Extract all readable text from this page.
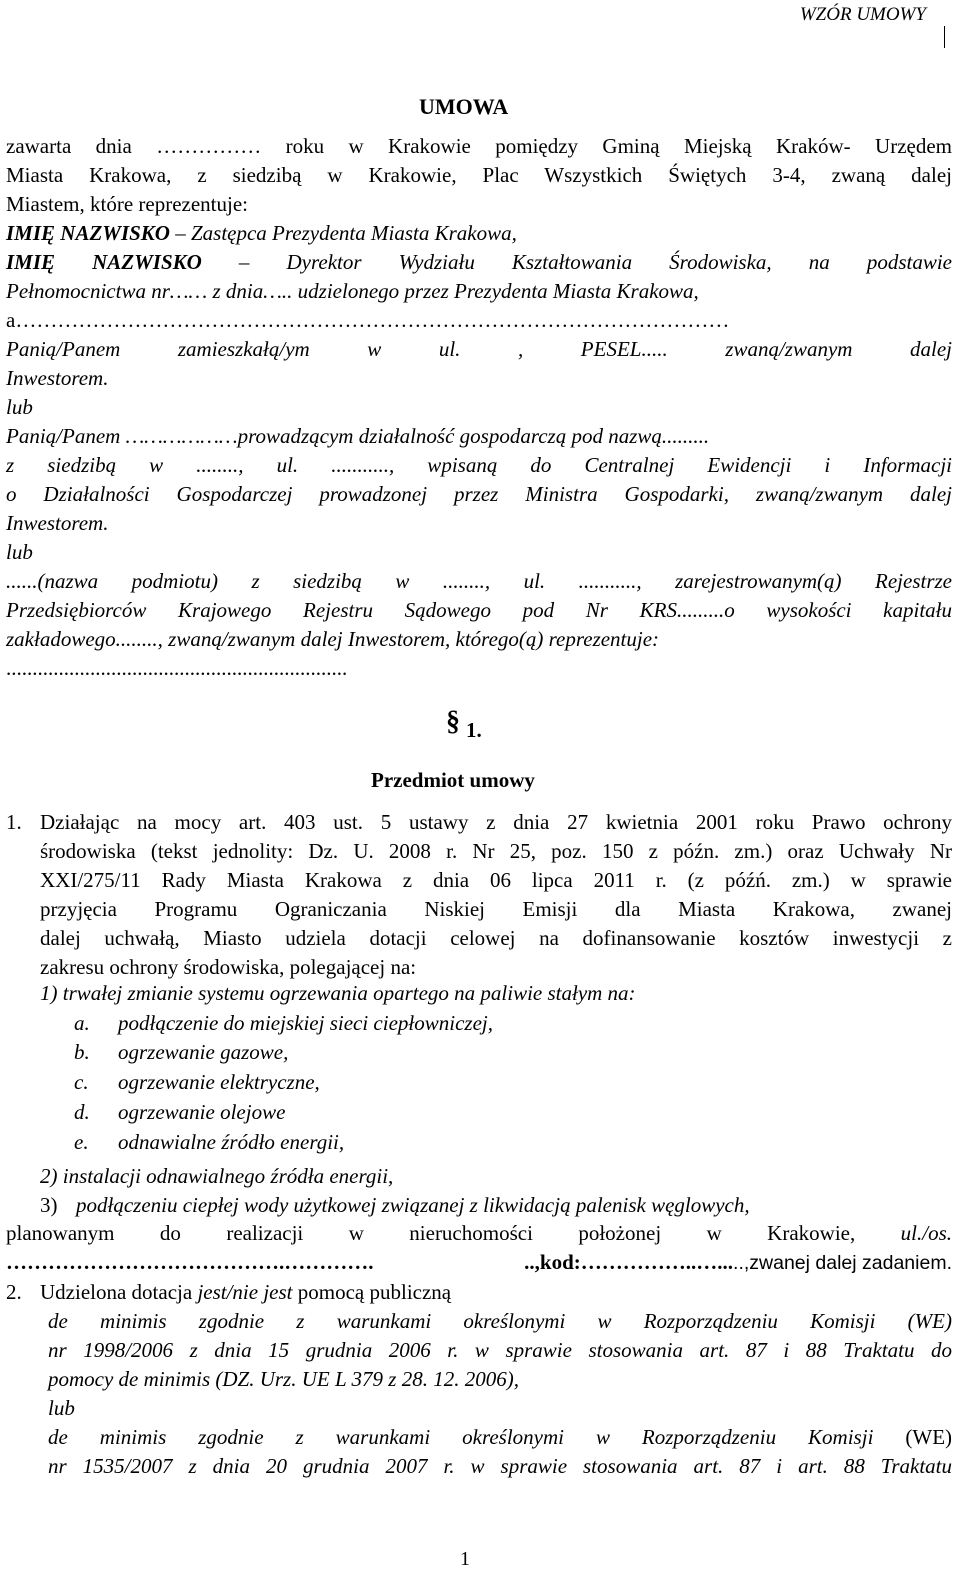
WZÓR UMOWY
UMOWA
zawarta dnia …………… roku w Krakowie pomiędzy Gminą Miejską Kraków- Urzędem
Miasta Krakowa, z siedzibą w Krakowie, Plac Wszystkich Świętych 3-4, zwaną dalej
Miastem, które reprezentuje:
IMIĘ NAZWISKO – Zastępca Prezydenta Miasta Krakowa,
IMIĘ NAZWISKO – Dyrektor Wydziału Kształtowania Środowiska, na podstawie
Pełnomocnictwa nr…… z dnia….. udzielonego przez Prezydenta Miasta Krakowa,
a…………………………………………………………………………………………
Panią/Panem	zamieszkałą/ym w	ul.	, PESEL..... zwaną/zwanym dalej
Inwestorem.
lub
Panią/Panem ………………prowadzącym działalność gospodarczą pod nazwą.........
z siedzibą w ........, ul. ..........., wpisaną do Centralnej Ewidencji i Informacji
o Działalności Gospodarczej prowadzonej przez Ministra Gospodarki, zwaną/zwanym dalej
Inwestorem.
lub
......(nazwa podmiotu) z siedzibą w ........, ul. ..........., zarejestrowanym(ą) Rejestrze
Przedsiębiorców Krajowego Rejestru Sądowego pod Nr KRS.........o wysokości kapitału
zakładowego........, zwaną/zwanym dalej Inwestorem, którego(ą) reprezentuje:
.................................................................
§ 1.
Przedmiot umowy
1. Działając na mocy art. 403 ust. 5 ustawy z dnia 27 kwietnia 2001 roku Prawo ochrony
środowiska (tekst jednolity: Dz. U. 2008 r. Nr 25, poz. 150 z późn. zm.) oraz Uchwały Nr
XXI/275/11 Rady Miasta Krakowa z dnia 06 lipca 2011 r. (z późń. zm.) w sprawie
przyjęcia Programu Ograniczania Niskiej Emisji dla Miasta Krakowa, zwanej
dalej uchwałą, Miasto udziela dotacji celowej na dofinansowanie kosztów inwestycji z
zakresu ochrony środowiska, polegającej na:
1) trwałej zmianie systemu ogrzewania opartego na paliwie stałym na:
a. podłączenie do miejskiej sieci ciepłowniczej,
b. ogrzewanie gazowe,
c. ogrzewanie elektryczne,
d. ogrzewanie olejowe
e. odnawialne źródło energii,
2) instalacji odnawialnego źródła energii,
3) podłączeniu ciepłej wody użytkowej związanej z likwidacją palenisk węglowych,
planowanym do realizacji w nieruchomości położonej w Krakowie, ul./os.
………………………………….………….	..,kod:……………..….....,zwanej dalej zadaniem.
2. Udzielona dotacja jest/nie jest pomocą publiczną
de minimis zgodnie z warunkami określonymi w Rozporządzeniu Komisji (WE)
nr 1998/2006 z dnia 15 grudnia 2006 r. w sprawie stosowania art. 87 i 88 Traktatu do
pomocy de minimis (DZ. Urz. UE L 379 z 28. 12. 2006),
lub
de minimis zgodnie z warunkami określonymi w Rozporządzeniu Komisji (WE)
nr 1535/2007 z dnia 20 grudnia 2007 r. w sprawie stosowania art. 87 i art. 88 Traktatu
1
